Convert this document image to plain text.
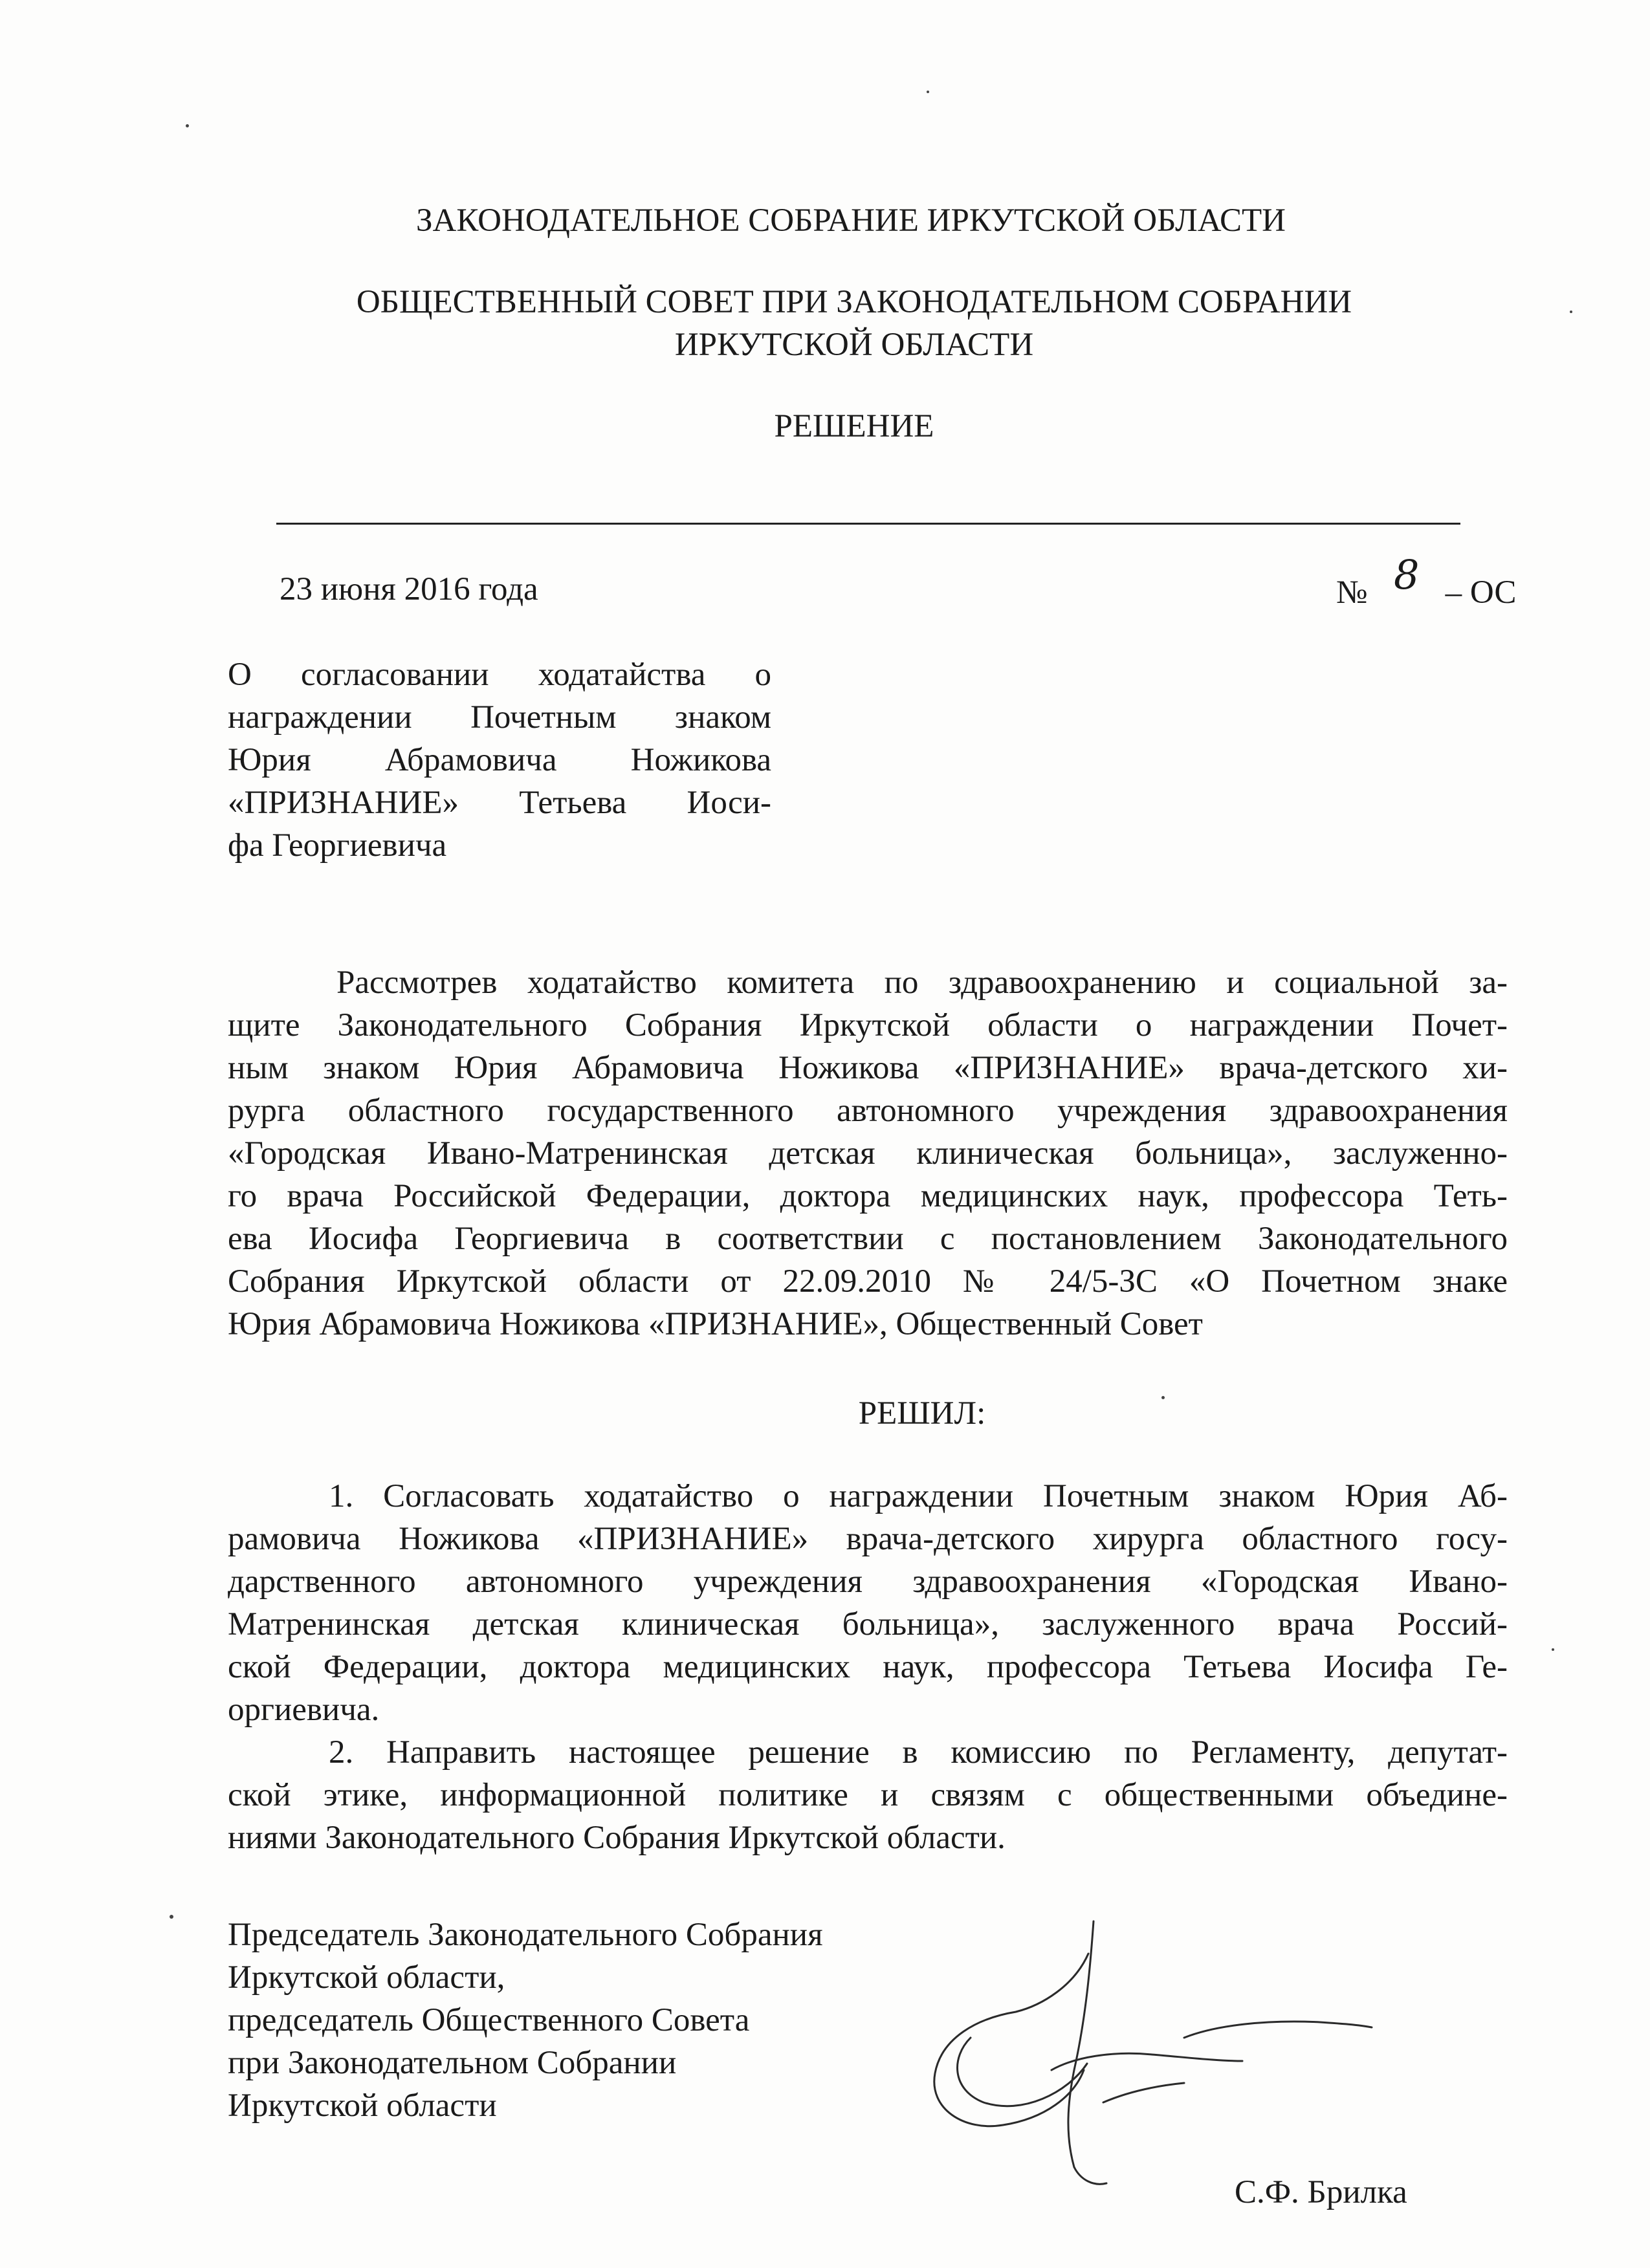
ЗАКОНОДАТЕЛЬНОЕ СОБРАНИЕ ИРКУТСКОЙ ОБЛАСТИ
ОБЩЕСТВЕННЫЙ СОВЕТ ПРИ ЗАКОНОДАТЕЛЬНОМ СОБРАНИИ
ИРКУТСКОЙ ОБЛАСТИ
РЕШЕНИЕ
23 июня 2016 года	№ 8 – ОС
О согласовании ходатайства о
награждении Почетным знаком
Юрия Абрамовича Ножикова
«ПРИЗНАНИЕ» Тетьева Иоси-
фа Георгиевича
Рассмотрев ходатайство комитета по здравоохранению и социальной за-
щите Законодательного Собрания Иркутской области о награждении Почет-
ным знаком Юрия Абрамовича Ножикова «ПРИЗНАНИЕ» врача-детского хи-
рурга областного государственного автономного учреждения здравоохранения
«Городская Ивано-Матренинская детская клиническая больница», заслуженно-
го врача Российской Федерации, доктора медицинских наук, профессора Теть-
ева Иосифа Георгиевича в соответствии с постановлением Законодательного
Собрания Иркутской области от 22.09.2010 № 24/5-ЗС «О Почетном знаке
Юрия Абрамовича Ножикова «ПРИЗНАНИЕ», Общественный Совет
РЕШИЛ:
1. Согласовать ходатайство о награждении Почетным знаком Юрия Аб-
рамовича Ножикова «ПРИЗНАНИЕ» врача-детского хирурга областного госу-
дарственного автономного учреждения здравоохранения «Городская Ивано-
Матренинская детская клиническая больница», заслуженного врача Россий-
ской Федерации, доктора медицинских наук, профессора Тетьева Иосифа Ге-
оргиевича.
2. Направить настоящее решение в комиссию по Регламенту, депутат-
ской этике, информационной политике и связям с общественными объедине-
ниями Законодательного Собрания Иркутской области.
Председатель Законодательного Собрания
Иркутской области,
председатель Общественного Совета
при Законодательном Собрании
Иркутской области
С.Ф. Брилка
